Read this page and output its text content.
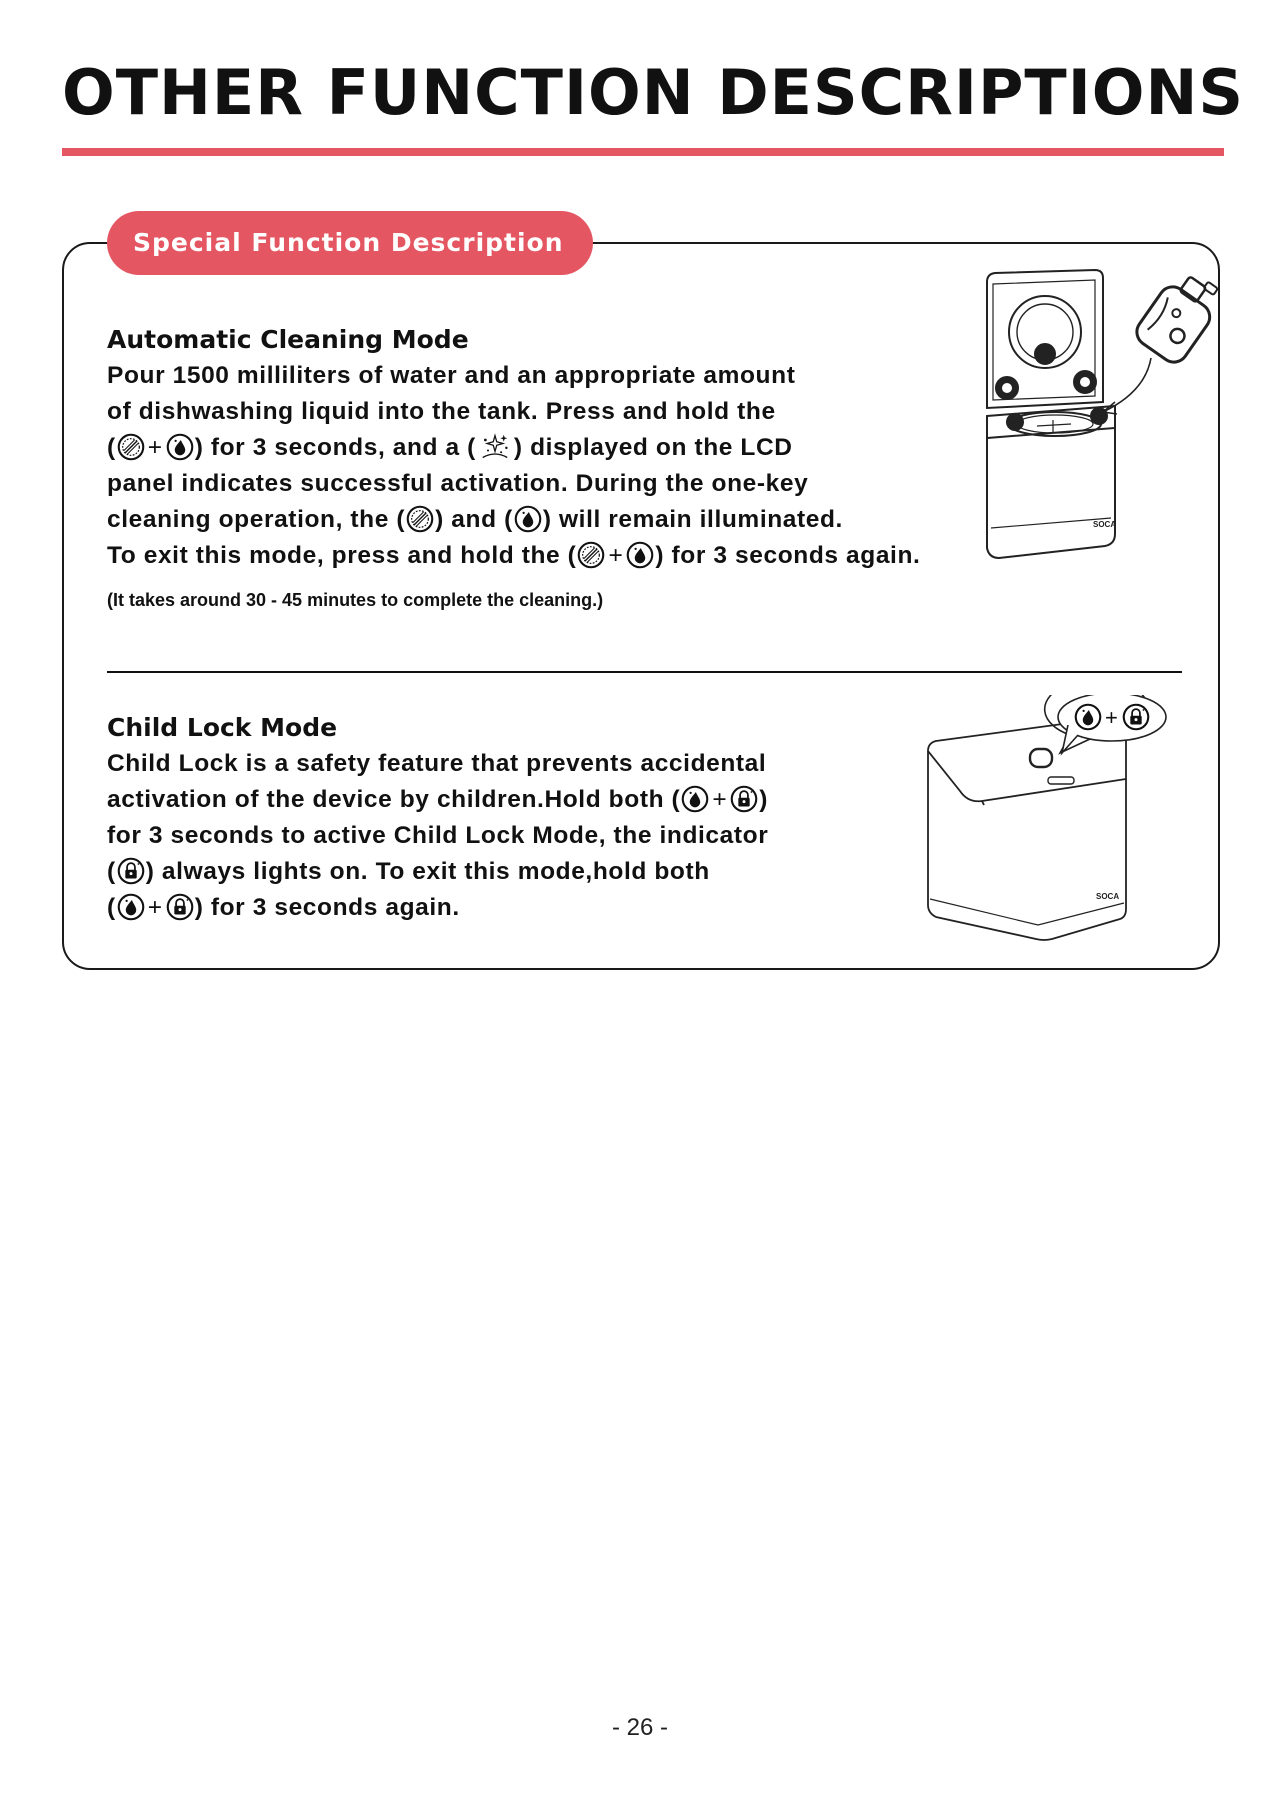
OTHER FUNCTION DESCRIPTIONS
Special Function Description
Automatic Cleaning Mode
Pour 1500 milliliters of water and an appropriate amount
of dishwashing liquid into the tank. Press and hold the
( + ) for 3 seconds, and a ( ) displayed on the LCD
panel indicates successful activation. During the one-key
cleaning operation, the ( ) and ( ) will remain illuminated.
To exit this mode, press and hold the ( + ) for 3 seconds again.
(It takes around 30 - 45 minutes to complete the cleaning.)
SOCA
Child Lock Mode
Child Lock is a safety feature that prevents accidental
activation of the device by children.Hold both ( + )
for 3 seconds to active Child Lock Mode, the indicator
( ) always lights on. To exit this mode,hold both
( + ) for 3 seconds again.
+
SOCA
- 26 -
